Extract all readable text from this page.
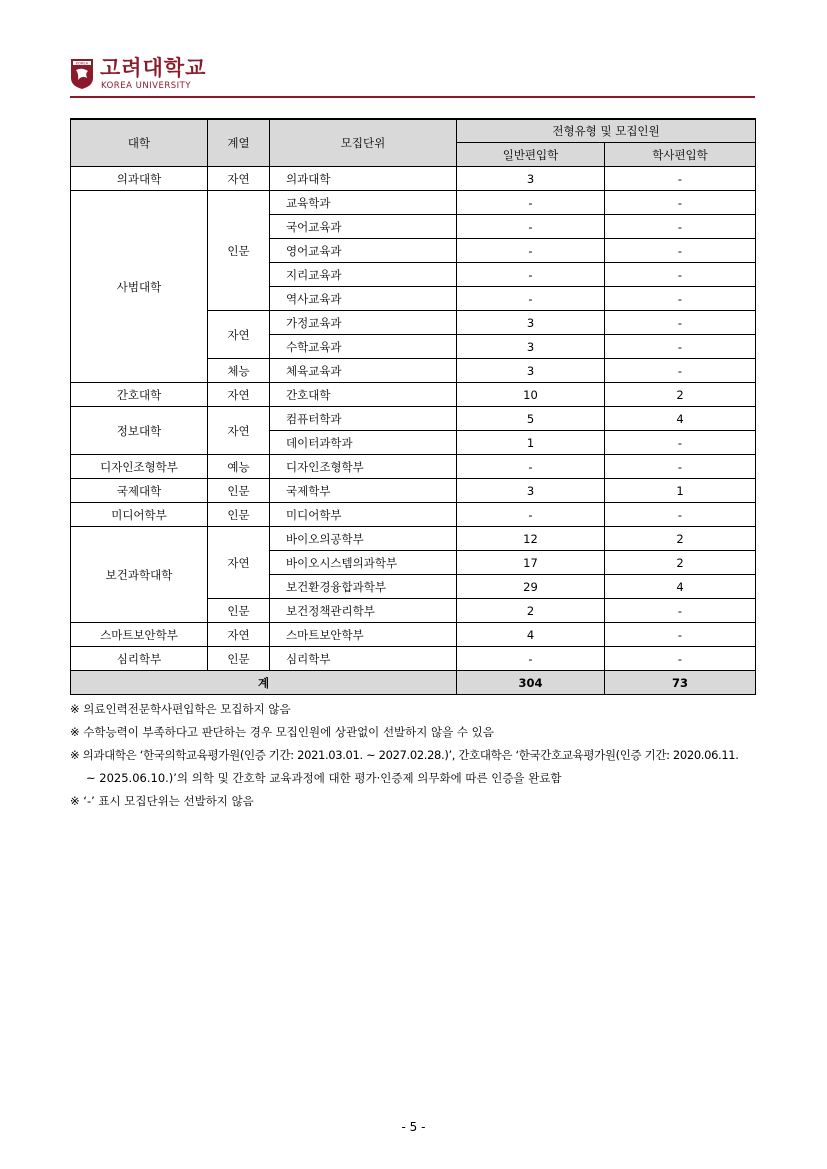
KOREA 고려대학교
KOREA UNIVERSITY
대학	계열	모집단위	전형유형 및 모집인원	
			일반편입학	학사편입학
의과대학	자연	의과대학	3	-
사범대학	인문	교육학과	-	-
		국어교육과	-	-
		영어교육과	-	-
		지리교육과	-	-
		역사교육과	-	-
	자연	가정교육과	3	-
		수학교육과	3	-
	체능	체육교육과	3	-
간호대학	자연	간호대학	10	2
정보대학	자연	컴퓨터학과	5	4
		데이터과학과	1	-
디자인조형학부	예능	디자인조형학부	-	-
국제대학	인문	국제학부	3	1
미디어학부	인문	미디어학부	-	-
보건과학대학	자연	바이오의공학부	12	2
		바이오시스템의과학부	17	2
		보건환경융합과학부	29	4
	인문	보건정책관리학부	2	-
스마트보안학부	자연	스마트보안학부	4	-
심리학부	인문	심리학부	-	-
계			304	73
※ 의료인력전문학사편입학은 모집하지 않음
※ 수학능력이 부족하다고 판단하는 경우 모집인원에 상관없이 선발하지 않을 수 있음
※ 의과대학은 ‘한국의학교육평가원(인증 기간: 2021.03.01. ~ 2027.02.28.)’, 간호대학은 ‘한국간호교육평가원(인증 기간: 2020.06.11.
~ 2025.06.10.)’의 의학 및 간호학 교육과정에 대한 평가·인증제 의무화에 따른 인증을 완료함
※ ‘-’ 표시 모집단위는 선발하지 않음
- 5 -
